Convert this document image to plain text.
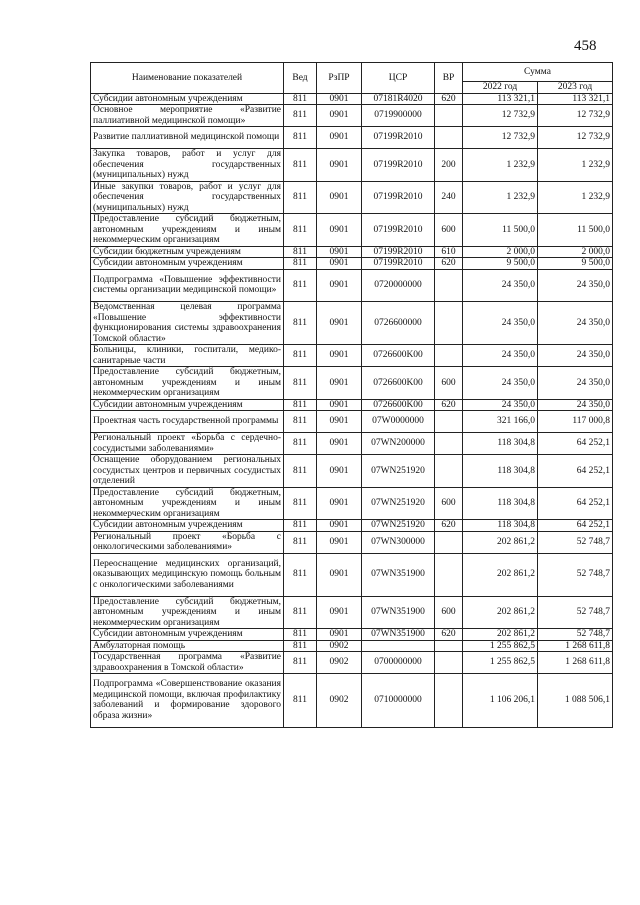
458
Наименование показателей	Вед	РзПР	ЦСР	ВР	Сумма	
					2022 год	2023 год
Субсидии автономным учреждениям	811	0901	07181R4020	620	113 321,1	113 321,1
Основное мероприятие «Развитие паллиативной медицинской помощи»	811	0901	0719900000		12 732,9	12 732,9
Развитие паллиативной медицинской помощи	811	0901	07199R2010		12 732,9	12 732,9
Закупка товаров, работ и услуг для обеспечения государственных (муниципальных) нужд	811	0901	07199R2010	200	1 232,9	1 232,9
Иные закупки товаров, работ и услуг для обеспечения государственных (муниципальных) нужд	811	0901	07199R2010	240	1 232,9	1 232,9
Предоставление субсидий бюджетным, автономным учреждениям и иным некоммерческим организациям	811	0901	07199R2010	600	11 500,0	11 500,0
Субсидии бюджетным учреждениям	811	0901	07199R2010	610	2 000,0	2 000,0
Субсидии автономным учреждениям	811	0901	07199R2010	620	9 500,0	9 500,0
Подпрограмма «Повышение эффективности системы организации медицинской помощи»	811	0901	0720000000		24 350,0	24 350,0
Ведомственная целевая программа «Повышение эффективности функционирования системы здравоохранения Томской области»	811	0901	0726600000		24 350,0	24 350,0
Больницы, клиники, госпитали, медико-санитарные части	811	0901	0726600K00		24 350,0	24 350,0
Предоставление субсидий бюджетным, автономным учреждениям и иным некоммерческим организациям	811	0901	0726600K00	600	24 350,0	24 350,0
Субсидии автономным учреждениям	811	0901	0726600K00	620	24 350,0	24 350,0
Проектная часть государственной программы	811	0901	07W0000000		321 166,0	117 000,8
Региональный проект «Борьба с сердечно-сосудистыми заболеваниями»	811	0901	07WN200000		118 304,8	64 252,1
Оснащение оборудованием региональных сосудистых центров и первичных сосудистых отделений	811	0901	07WN251920		118 304,8	64 252,1
Предоставление субсидий бюджетным, автономным учреждениям и иным некоммерческим организациям	811	0901	07WN251920	600	118 304,8	64 252,1
Субсидии автономным учреждениям	811	0901	07WN251920	620	118 304,8	64 252,1
Региональный проект «Борьба с онкологическими заболеваниями»	811	0901	07WN300000		202 861,2	52 748,7
Переоснащение медицинских организаций, оказывающих медицинскую помощь больным с онкологическими заболеваниями	811	0901	07WN351900		202 861,2	52 748,7
Предоставление субсидий бюджетным, автономным учреждениям и иным некоммерческим организациям	811	0901	07WN351900	600	202 861,2	52 748,7
Субсидии автономным учреждениям	811	0901	07WN351900	620	202 861,2	52 748,7
Амбулаторная помощь	811	0902			1 255 862,5	1 268 611,8
Государственная программа «Развитие здравоохранения в Томской области»	811	0902	0700000000		1 255 862,5	1 268 611,8
Подпрограмма «Совершенствование оказания медицинской помощи, включая профилактику заболеваний и формирование здорового образа жизни»	811	0902	0710000000		1 106 206,1	1 088 506,1
